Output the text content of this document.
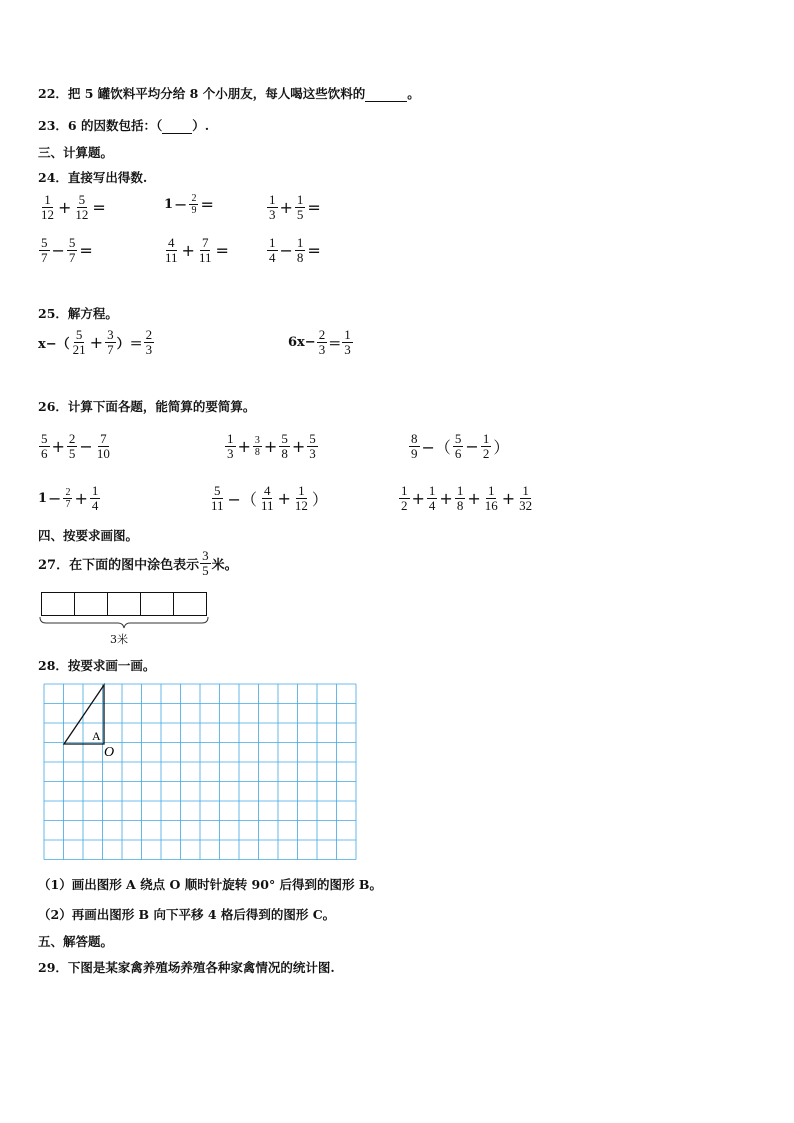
22．把 5 罐饮料平均分给 8 个小朋友，每人喝这些饮料的	。
23．6 的因数包括：（ ）.
三、计算题。
24．直接写出得数.
$\frac{1}{12} + \frac{5}{12}$ =	$1 - \frac{2}{9}$ =	$\frac{1}{3} + \frac{1}{5}$ =
$\frac{5}{7} - \frac{5}{7}$ =	$\frac{4}{11} + \frac{7}{11}$ =	$\frac{1}{4} - \frac{1}{8}$ =
25．解方程。
$x-( \frac{5}{21} + \frac{3}{7}$ ）＝ $\frac{2}{3}$	$6x- \frac{2}{3} = \frac{1}{3}$
26．计算下面各题，能简算的要简算。
$\frac{5}{6} + \frac{2}{5} - \frac{7}{10}$	$\frac{1}{3} + \frac{3}{8} + \frac{5}{8} + \frac{5}{3}$	$\frac{8}{9}$ −（ $\frac{5}{6} - \frac{1}{2}$ ）
$1 - \frac{2}{7} + \frac{1}{4}$	$\frac{5}{11}$ −（ $\frac{4}{11} + \frac{1}{12}$ ）	$\frac{1}{2} + \frac{1}{4} + \frac{1}{8} + \frac{1}{16} + \frac{1}{32}$
四、按要求画图。
27．在下面的图中涂色表示 $\frac{3}{5}$ 米。
3米
28．按要求画一画。
A
O
（1）画出图形 A 绕点 O 顺时针旋转 90° 后得到的图形 B。
（2）再画出图形 B 向下平移 4 格后得到的图形 C。
五、解答题。
29．下图是某家禽养殖场养殖各种家禽情况的统计图.
